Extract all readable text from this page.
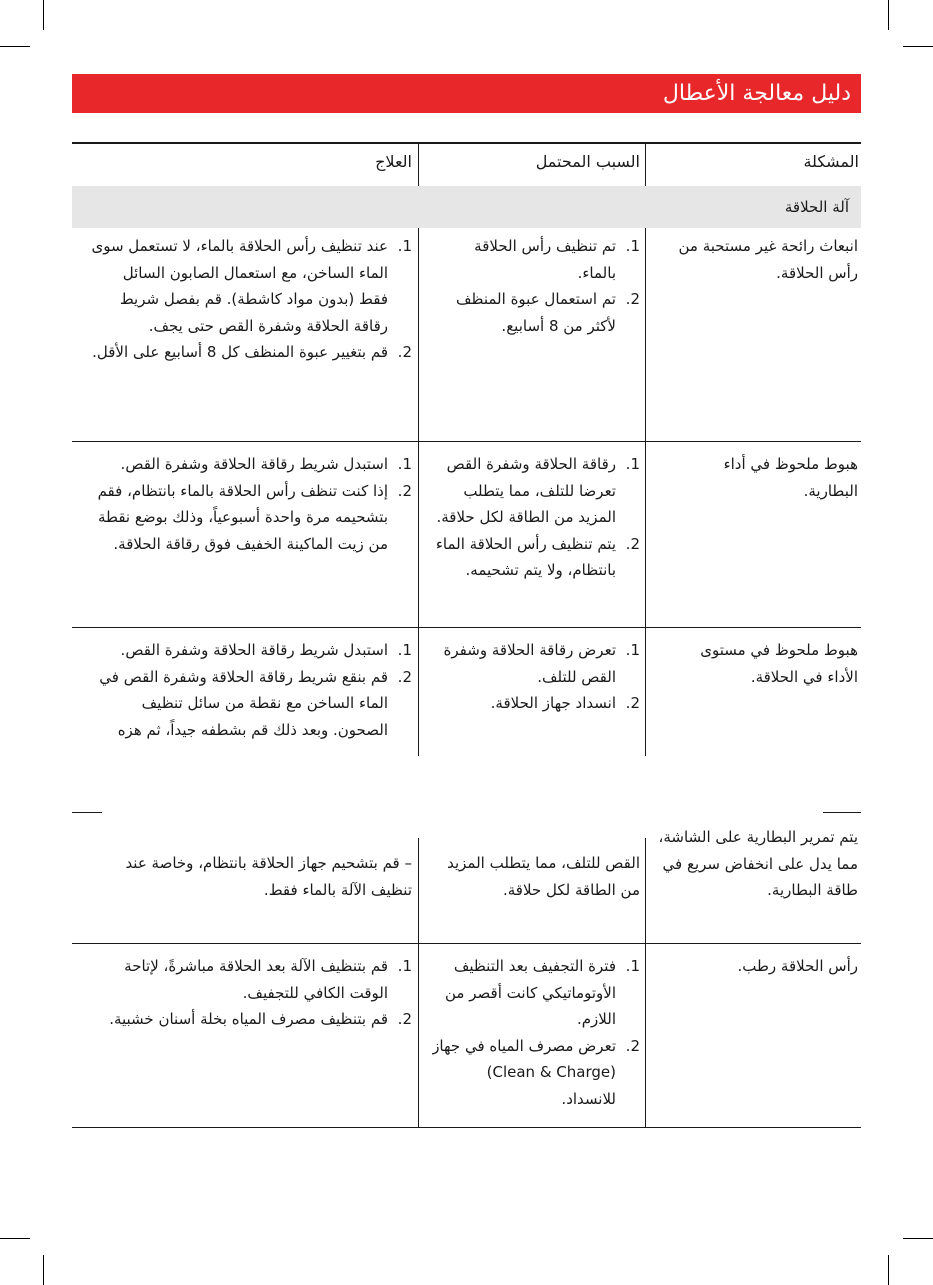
دليل معالجة الأعطال
المشكلة
السبب المحتمل
العلاج
آلة الحلاقة
انبعاث رائحة غير مستحبة من رأس الحلاقة.
1.
تم تنظيف رأس الحلاقة بالماء.
2.
تم استعمال عبوة المنظف لأكثر من 8 أسابيع.
1.
عند تنظيف رأس الحلاقة بالماء، لا تستعمل سوى الماء الساخن، مع استعمال الصابون السائل فقط (بدون مواد كاشطة). قم بفصل شريط رقاقة الحلاقة وشفرة القص حتى يجف.
2.
قم بتغيير عبوة المنظف كل 8 أسابيع على الأقل.
هبوط ملحوظ في أداء البطارية.
1.
رقاقة الحلاقة وشفرة القص تعرضا للتلف، مما يتطلب المزيد من الطاقة لكل حلاقة.
2.
يتم تنظيف رأس الحلاقة الماء بانتظام، ولا يتم تشحيمه.
1.
استبدل شريط رقاقة الحلاقة وشفرة القص.
2.
إذا كنت تنظف رأس الحلاقة بالماء بانتظام، فقم بتشحيمه مرة واحدة أسبوعياً، وذلك بوضع نقطة من زيت الماكينة الخفيف فوق رقاقة الحلاقة.
هبوط ملحوظ في مستوى الأداء في الحلاقة.
1.
تعرض رقاقة الحلاقة وشفرة القص للتلف.
2.
انسداد جهاز الحلاقة.
1.
استبدل شريط رقاقة الحلاقة وشفرة القص.
2.
قم بنقع شريط رقاقة الحلاقة وشفرة القص في الماء الساخن مع نقطة من سائل تنظيف الصحون. وبعد ذلك قم بشطفه جيداً، ثم هزه
يتم تمرير البطارية على الشاشة، مما يدل على انخفاض سريع في طاقة البطارية.
القص للتلف، مما يتطلب المزيد من الطاقة لكل حلاقة.
– قم بتشحيم جهاز الحلاقة بانتظام، وخاصة عند تنظيف الآلة بالماء فقط.
رأس الحلاقة رطب.
1.
فترة التجفيف بعد التنظيف الأوتوماتيكي كانت أقصر من اللازم.
2.
تعرض مصرف المياه في جهاز (Clean & Charge) للانسداد.
1.
قم بتنظيف الآلة بعد الحلاقة مباشرةً، لإتاحة الوقت الكافي للتجفيف.
2.
قم بتنظيف مصرف المياه بخلة أسنان خشبية.
